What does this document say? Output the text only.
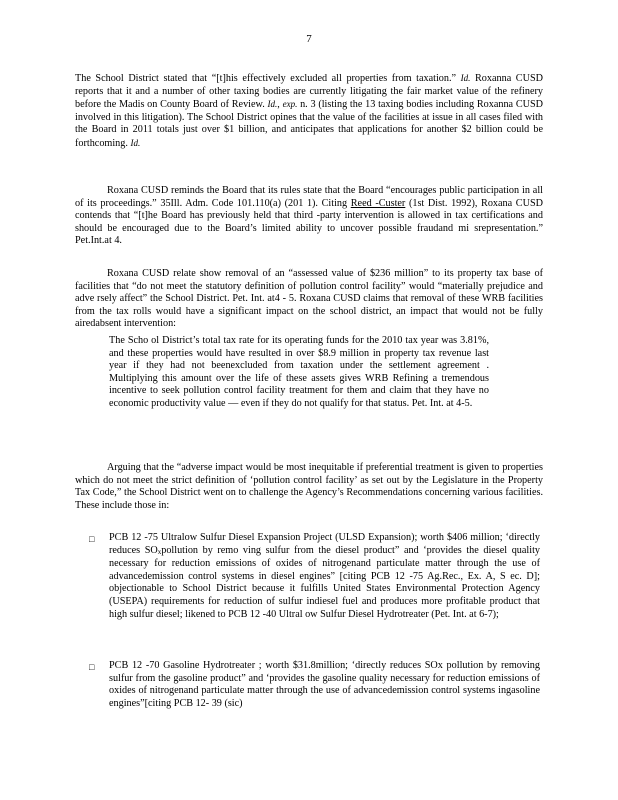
7

The School District stated that “[t]his effectively excluded all properties from taxation.” Id. Roxanna CUSD reports that it and a number of other taxing bodies are currently litigating the fair market value of the refinery before the Madis on County Board of Review. Id., exp. n. 3 (listing the 13 taxing bodies including Roxanna CUSD involved in this litigation). The School District opines that the value of the facilities at issue in all cases filed with the Board in 2011 totals just over $1 billion, and anticipates that applications for another $2 billion could be forthcoming. Id.

Roxana CUSD reminds the Board that its rules state that the Board “encourages public participation in all of its proceedings.” 35Ill. Adm. Code 101.110(a) (201 1). Citing Reed -Custer (1st Dist. 1992), Roxana CUSD contends that “[t]he Board has previously held that third -party intervention is allowed in tax certifications and should be encouraged due to the Board’s limited ability to uncover possible fraudand mi srepresentation.” Pet.Int.at 4.

Roxana CUSD relate show removal of an “assessed value of $236 million” to its property tax base of facilities that “do not meet the statutory definition of pollution control facility” would “materially prejudice and adve rsely affect” the School District. Pet. Int. at4 - 5. Roxana CUSD claims that removal of these WRB facilities from the tax rolls would have a significant impact on the school district, an impact that would not be fully airedabsent intervention:

The Scho ol District’s total tax rate for its operating funds for the 2010 tax year was 3.81%, and these properties would have resulted in over $8.9 million in property tax revenue last year if they had not beenexcluded from taxation under the settlement agreement . Multiplying this amount over the life of these assets gives WRB Refining a tremendous incentive to seek pollution control facility treatment for them and claim that they have no economic productivity value — even if they do not qualify for that status. Pet. Int. at 4-5.

Arguing that the “adverse impact would be most inequitable if preferential treatment is given to properties which do not meet the strict definition of ‘pollution control facility’ as set out by the Legislature in the Property Tax Code,” the School District went on to challenge the Agency’s Recommendations concerning various facilities. These include those in:

□ PCB 12 -75 Ultralow Sulfur Diesel Expansion Project (ULSD Expansion); worth $406 million; ‘directly reduces $SO_xpollution$ by remo ving sulfur from the diesel product” and ‘provides the diesel quality necessary for reduction emissions of oxides of nitrogenand particulate matter through the use of advancedemission control systems in diesel engines” [citing PCB 12 -75 Ag.Rec., Ex. A, S ec. D]; objectionable to School District because it fulfills United States Environmental Protection Agency (USEPA) requirements for reduction of sulfur indiesel fuel and produces more profitable product that high sulfur diesel; likened to PCB 12 -40 Ultral ow Sulfur Diesel Hydrotreater (Pet. Int. at 6-7);

□ PCB 12 -70 Gasoline Hydrotreater ; worth $31.8million; ‘directly reduces SOx pollution by removing sulfur from the gasoline product” and ‘provides the gasoline quality necessary for reduction emissions of oxides of nitrogenand particulate matter through the use of advancedemission control systems ingasoline engines”[citing PCB 12- 39 (sic)
